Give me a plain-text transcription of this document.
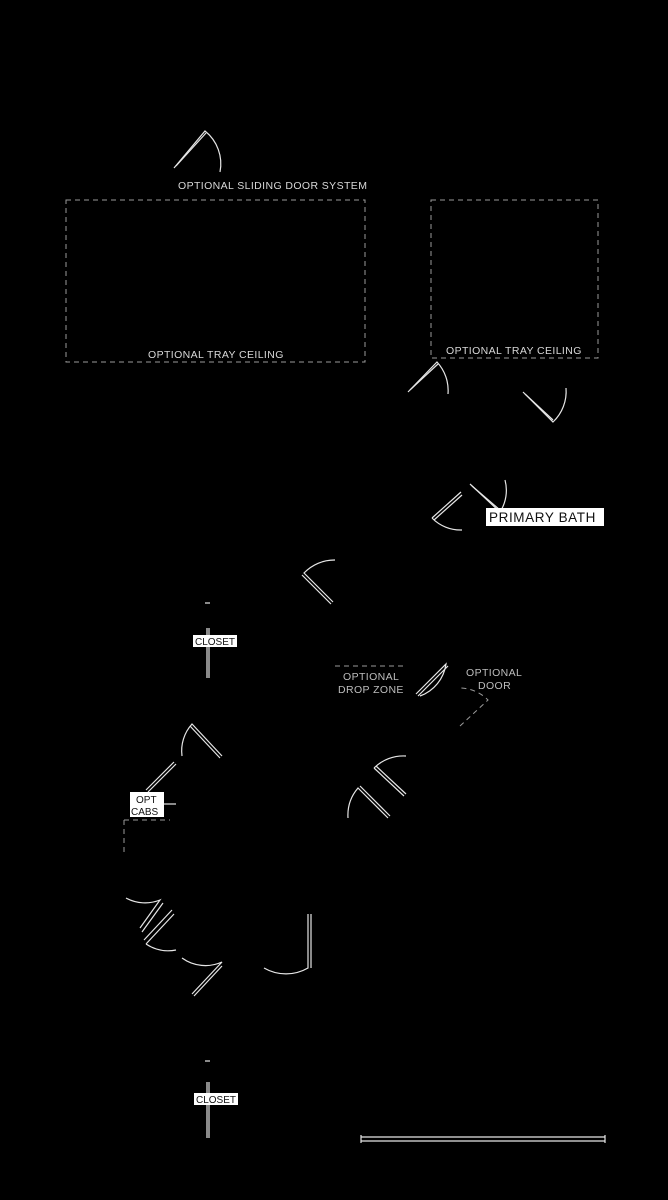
OPTIONAL SLIDING DOOR SYSTEM
OPTIONAL TRAY CEILING	OPTIONAL TRAY CEILING
PRIMARY BATH
CLOSET
OPTIONAL
DROP ZONE
OPTIONAL
DOOR
OPT
CABS
CLOSET
